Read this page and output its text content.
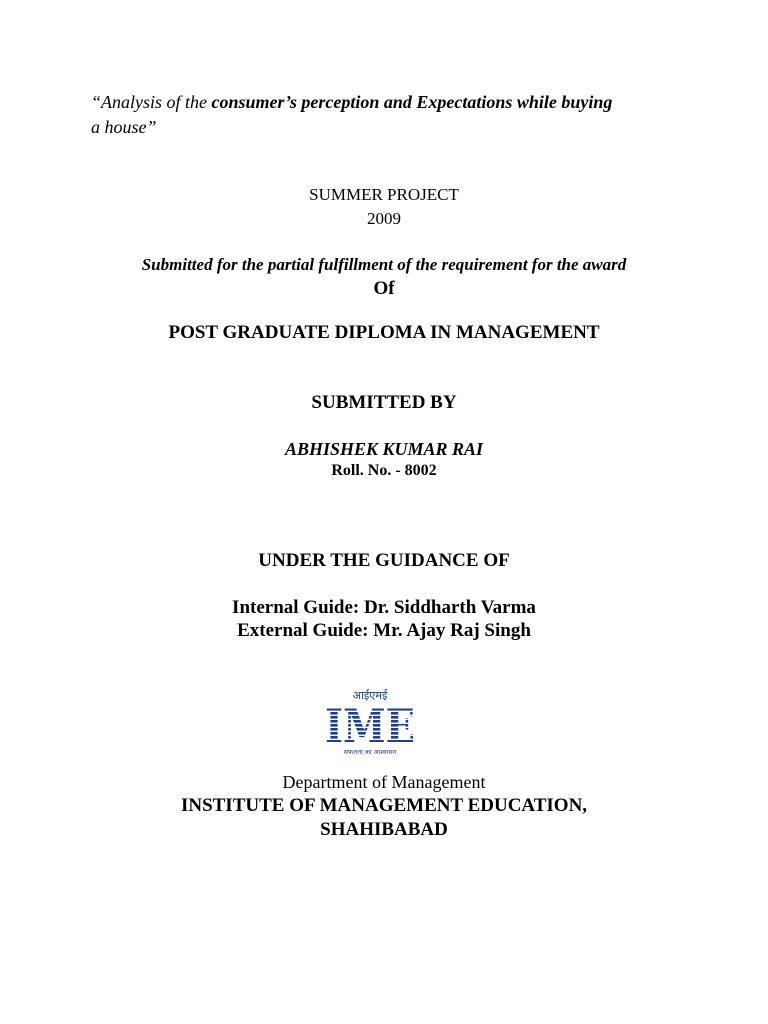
“Analysis of the consumer’s perception and Expectations while buying
a house”
SUMMER PROJECT
2009
Submitted for the partial fulfillment of the requirement for the award
Of
POST GRADUATE DIPLOMA IN MANAGEMENT
SUBMITTED BY
ABHISHEK KUMAR RAI
Roll. No. - 8002
UNDER THE GUIDANCE OF
Internal Guide: Dr. Siddharth Varma
External Guide: Mr. Ajay Raj Singh
आईएमई
IME
सफलता का आश्वासन
Department of Management
INSTITUTE OF MANAGEMENT EDUCATION,
SHAHIBABAD
